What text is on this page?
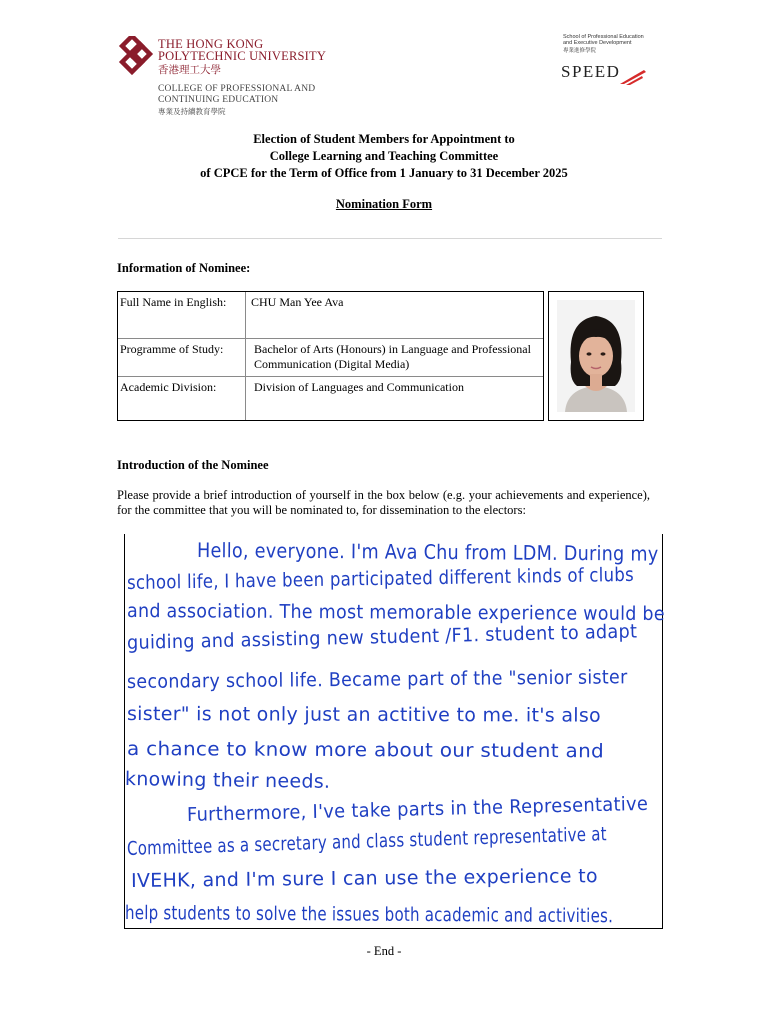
THE HONG KONG
POLYTECHNIC UNIVERSITY
香港理工大學
COLLEGE OF PROFESSIONAL AND
CONTINUING EDUCATION
專業及持續教育學院
School of Professional Education
and Executive Development
專業進修學院
SPEED
Election of Student Members for Appointment to
College Learning and Teaching Committee
of CPCE for the Term of Office from 1 January to 31 December 2025
Nomination Form
Information of Nominee:
Full Name in English: CHU Man Yee Ava
Programme of Study:	Bachelor of Arts (Honours) in Language and Professional Communication (Digital Media)
Academic Division:	Division of Languages and Communication
Introduction of the Nominee
Please provide a brief introduction of yourself in the box below (e.g. your achievements and experience), for the committee that you will be nominated to, for dissemination to the electors:
Hello, everyone. I'm Ava Chu from LDM. During my
school life, I have been participated different kinds of clubs
and association. The most memorable experience would be
guiding and assisting new student /F1. student to adapt
secondary school life. Became part of the "senior sister
sister" is not only just an actitive to me. it's also
a chance to know more about our student and
knowing their needs.
Furthermore, I've take parts in the Representative
Committee as a secretary and class student representative at
IVEHK, and I'm sure I can use the experience to
help students to solve the issues both academic and activities.
- End -
